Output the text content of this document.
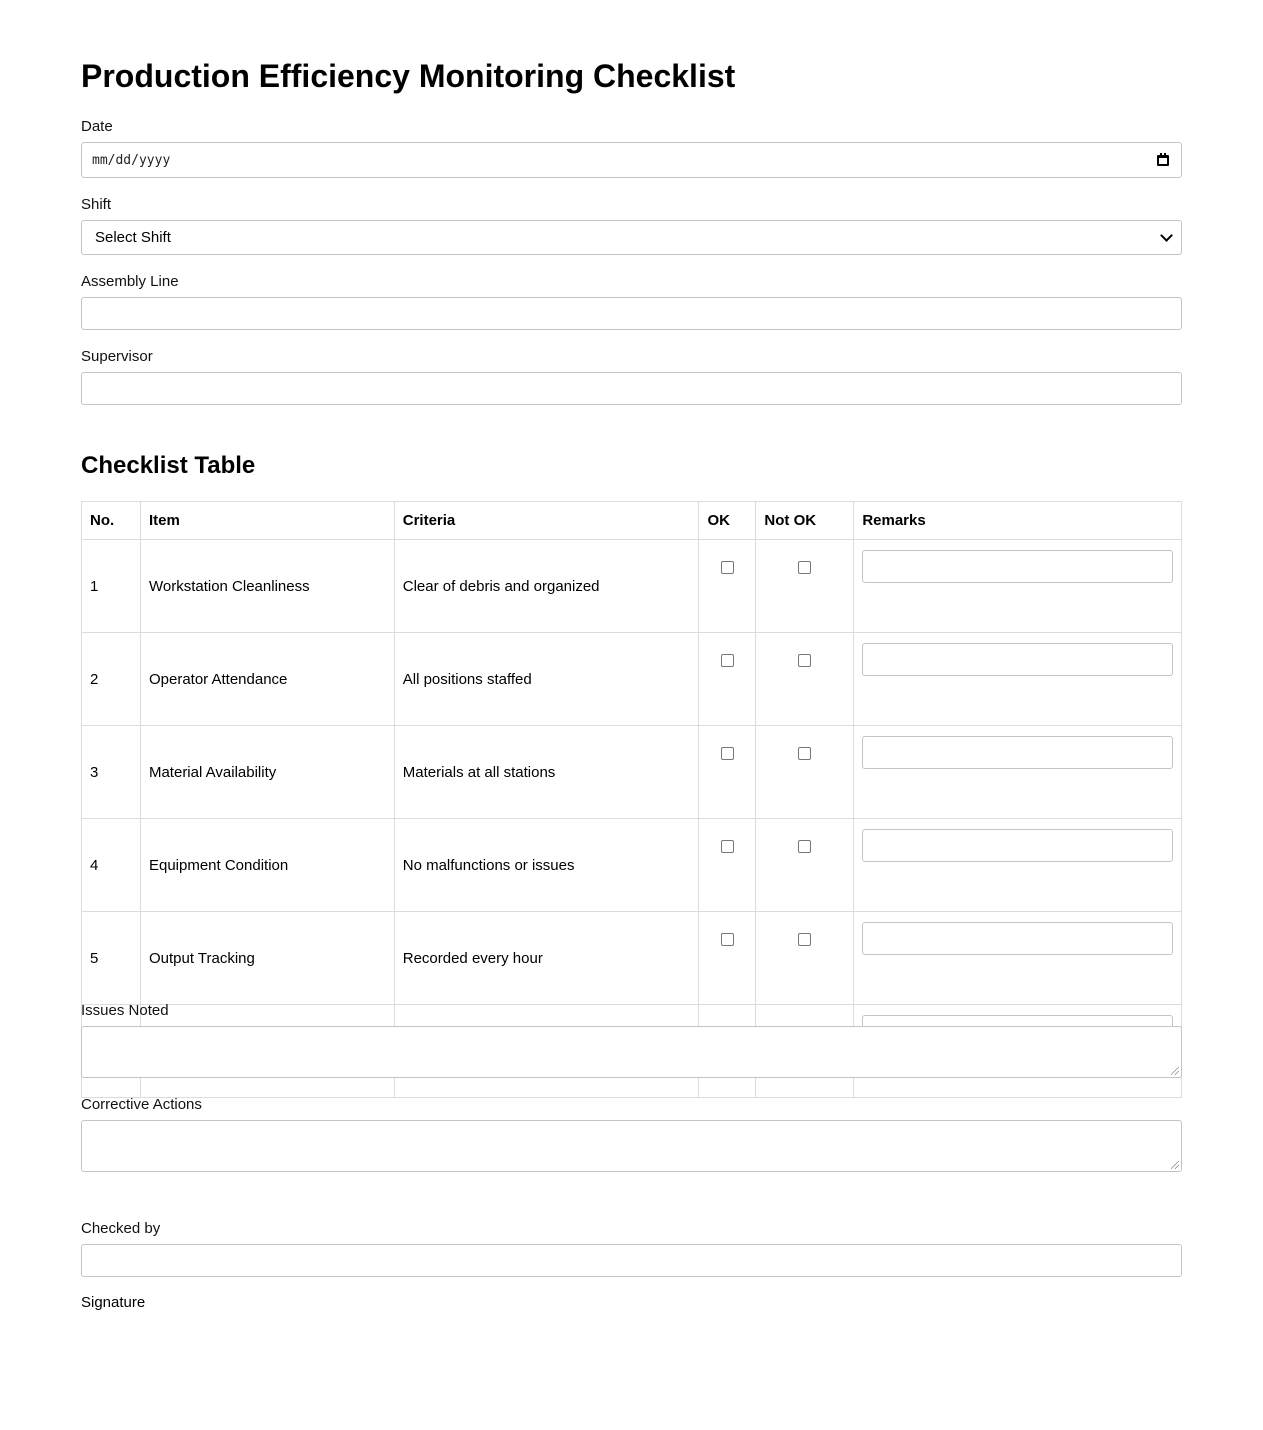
Production Efficiency Monitoring Checklist
Date
mm/dd/yyyy
Shift
Select Shift
Assembly Line
Supervisor
Checklist Table
No.	Item	Criteria	OK	Not OK	Remarks
1	Workstation Cleanliness	Clear of debris and organized			

2	Operator Attendance	All positions staffed			

3	Material Availability	Materials at all stations			

4	Equipment Condition	No malfunctions or issues			

5	Output Tracking	Recorded every hour			

Issues Noted
Corrective Actions
Checked by
Signature
